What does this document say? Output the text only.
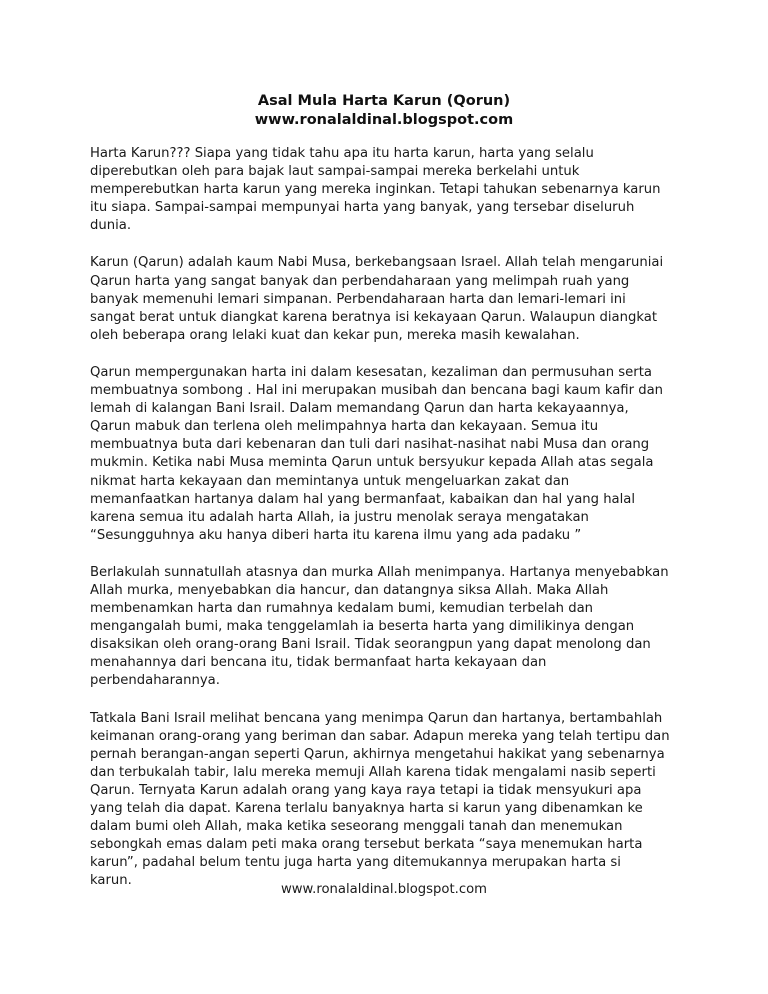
Asal Mula Harta Karun (Qorun)
www.ronalaldinal.blogspot.com

Harta Karun??? Siapa yang tidak tahu apa itu harta karun, harta yang selalu
diperebutkan oleh para bajak laut sampai-sampai mereka berkelahi untuk
memperebutkan harta karun yang mereka inginkan. Tetapi tahukan sebenarnya karun
itu siapa. Sampai-sampai mempunyai harta yang banyak, yang tersebar diseluruh
dunia.

Karun (Qarun) adalah kaum Nabi Musa, berkebangsaan Israel. Allah telah mengaruniai
Qarun harta yang sangat banyak dan perbendaharaan yang melimpah ruah yang
banyak memenuhi lemari simpanan. Perbendaharaan harta dan lemari-lemari ini
sangat berat untuk diangkat karena beratnya isi kekayaan Qarun. Walaupun diangkat
oleh beberapa orang lelaki kuat dan kekar pun, mereka masih kewalahan.

Qarun mempergunakan harta ini dalam kesesatan, kezaliman dan permusuhan serta
membuatnya sombong . Hal ini merupakan musibah dan bencana bagi kaum kafir dan
lemah di kalangan Bani Israil. Dalam memandang Qarun dan harta kekayaannya,
Qarun mabuk dan terlena oleh melimpahnya harta dan kekayaan. Semua itu
membuatnya buta dari kebenaran dan tuli dari nasihat-nasihat nabi Musa dan orang
mukmin. Ketika nabi Musa meminta Qarun untuk bersyukur kepada Allah atas segala
nikmat harta kekayaan dan memintanya untuk mengeluarkan zakat dan
memanfaatkan hartanya dalam hal yang bermanfaat, kabaikan dan hal yang halal
karena semua itu adalah harta Allah, ia justru menolak seraya mengatakan
“Sesungguhnya aku hanya diberi harta itu karena ilmu yang ada padaku ”

Berlakulah sunnatullah atasnya dan murka Allah menimpanya. Hartanya menyebabkan
Allah murka, menyebabkan dia hancur, dan datangnya siksa Allah. Maka Allah
membenamkan harta dan rumahnya kedalam bumi, kemudian terbelah dan
mengangalah bumi, maka tenggelamlah ia beserta harta yang dimilikinya dengan
disaksikan oleh orang-orang Bani Israil. Tidak seorangpun yang dapat menolong dan
menahannya dari bencana itu, tidak bermanfaat harta kekayaan dan
perbendaharannya.

Tatkala Bani Israil melihat bencana yang menimpa Qarun dan hartanya, bertambahlah
keimanan orang-orang yang beriman dan sabar. Adapun mereka yang telah tertipu dan
pernah berangan-angan seperti Qarun, akhirnya mengetahui hakikat yang sebenarnya
dan terbukalah tabir, lalu mereka memuji Allah karena tidak mengalami nasib seperti
Qarun. Ternyata Karun adalah orang yang kaya raya tetapi ia tidak mensyukuri apa
yang telah dia dapat. Karena terlalu banyaknya harta si karun yang dibenamkan ke
dalam bumi oleh Allah, maka ketika seseorang menggali tanah dan menemukan
sebongkah emas dalam peti maka orang tersebut berkata “saya menemukan harta
karun”, padahal belum tentu juga harta yang ditemukannya merupakan harta si
karun.

www.ronalaldinal.blogspot.com
